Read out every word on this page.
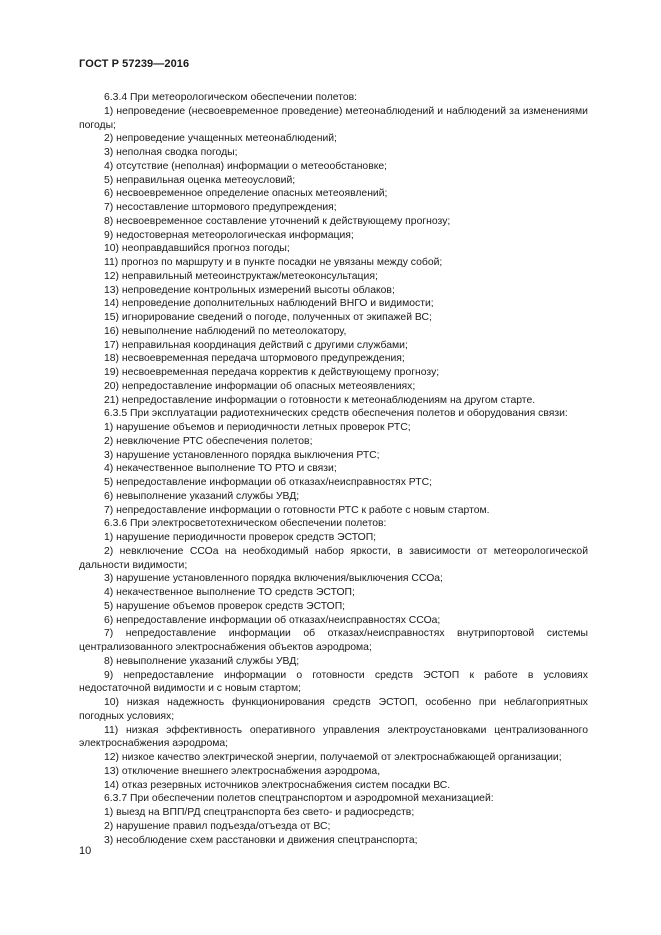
ГОСТ Р 57239—2016

6.3.4 При метеорологическом обеспечении полетов:

1) непроведение (несвоевременное проведение) метеонаблюдений и наблюдений за изменениями погоды;

2) непроведение учащенных метеонаблюдений;

3) неполная сводка погоды;

4) отсутствие (неполная) информации о метеообстановке;

5) неправильная оценка метеоусловий;

6) несвоевременное определение опасных метеоявлений;

7) несоставление штормового предупреждения;

8) несвоевременное составление уточнений к действующему прогнозу;

9) недостоверная метеорологическая информация;

10) неоправдавшийся прогноз погоды;

11) прогноз по маршруту и в пункте посадки не увязаны между собой;

12) неправильный метеоинструктаж/метеоконсультация;

13) непроведение контрольных измерений высоты облаков;

14) непроведение дополнительных наблюдений ВНГО и видимости;

15) игнорирование сведений о погоде, полученных от экипажей ВС;

16) невыполнение наблюдений по метеолокатору,

17) неправильная координация действий с другими службами;

18) несвоевременная передача штормового предупреждения;

19) несвоевременная передача корректив к действующему прогнозу;

20) непредоставление информации об опасных метеоявлениях;

21) непредоставление информации о готовности к метеонаблюдениям на другом старте.

6.3.5 При эксплуатации радиотехнических средств обеспечения полетов и оборудования связи:

1) нарушение объемов и периодичности летных проверок РТС;

2) невключение РТС обеспечения полетов;

3) нарушение установленного порядка выключения РТС;

4) некачественное выполнение ТО РТО и связи;

5) непредоставление информации об отказах/неисправностях РТС;

6) невыполнение указаний службы УВД;

7) непредоставление информации о готовности РТС к работе с новым стартом.

6.3.6 При электросветотехническом обеспечении полетов:

1) нарушение периодичности проверок средств ЭСТОП;

2) невключение ССОа на необходимый набор яркости, в зависимости от метеорологической дальности видимости;

3) нарушение установленного порядка включения/выключения ССОа;

4) некачественное выполнение ТО средств ЭСТОП;

5) нарушение объемов проверок средств ЭСТОП;

6) непредоставление информации об отказах/неисправностях ССОа;

7) непредоставление информации об отказах/неисправностях внутрипортовой системы централизованного электроснабжения объектов аэродрома;

8) невыполнение указаний службы УВД;

9) непредоставление информации о готовности средств ЭСТОП к работе в условиях недостаточной видимости и с новым стартом;

10) низкая надежность функционирования средств ЭСТОП, особенно при неблагоприятных погодных условиях;

11) низкая эффективность оперативного управления электроустановками централизованного электроснабжения аэродрома;

12) низкое качество электрической энергии, получаемой от электроснабжающей организации;

13) отключение внешнего электроснабжения аэродрома,

14) отказ резервных источников электроснабжения систем посадки ВС.

6.3.7 При обеспечении полетов спецтранспортом и аэродромной механизацией:

1) выезд на ВПП/РД спецтранспорта без свето- и радиосредств;

2) нарушение правил подъезда/отъезда от ВС;

3) несоблюдение схем расстановки и движения спецтранспорта;

10
